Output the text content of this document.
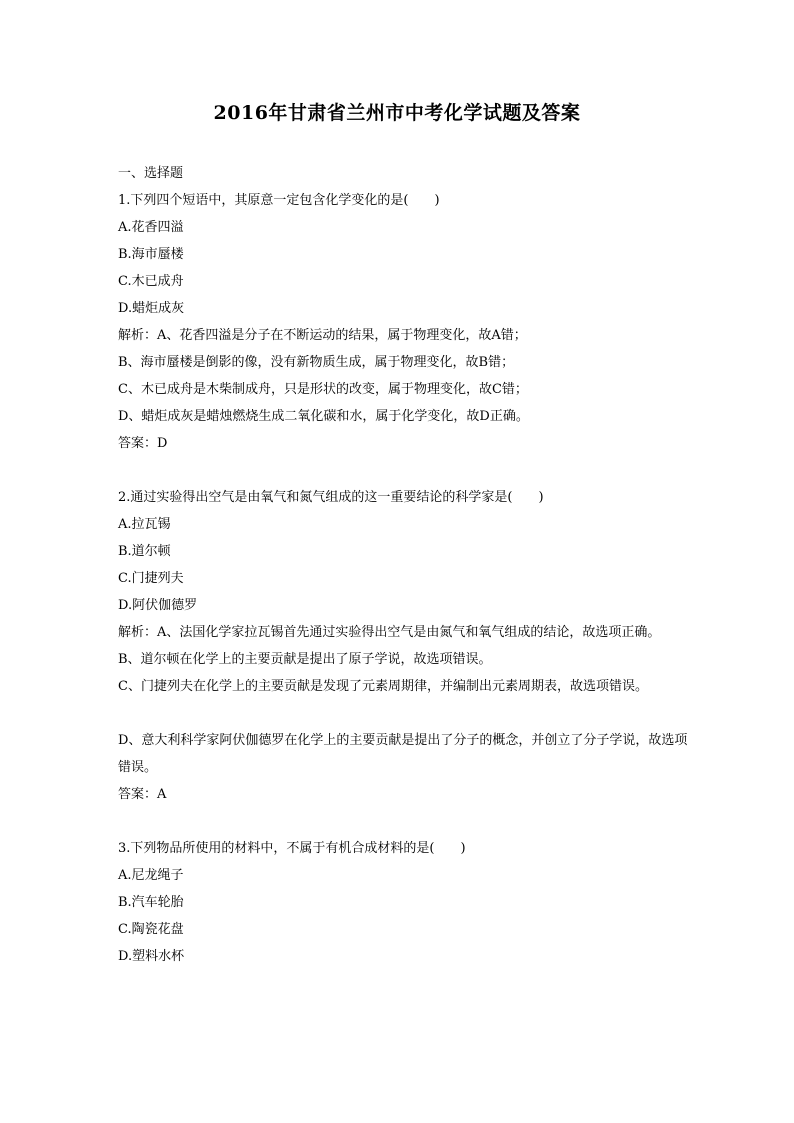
2016年甘肃省兰州市中考化学试题及答案
一、选择题
1.下列四个短语中，其原意一定包含化学变化的是(　　)
A.花香四溢
B.海市蜃楼
C.木已成舟
D.蜡炬成灰
解析：A、花香四溢是分子在不断运动的结果，属于物理变化，故A错；
B、海市蜃楼是倒影的像，没有新物质生成，属于物理变化，故B错；
C、木已成舟是木柴制成舟，只是形状的改变，属于物理变化，故C错；
D、蜡炬成灰是蜡烛燃烧生成二氧化碳和水，属于化学变化，故D正确。
答案：D
2.通过实验得出空气是由氧气和氮气组成的这一重要结论的科学家是(　　)
A.拉瓦锡
B.道尔顿
C.门捷列夫
D.阿伏伽德罗
解析：A、法国化学家拉瓦锡首先通过实验得出空气是由氮气和氧气组成的结论，故选项正确。
B、道尔顿在化学上的主要贡献是提出了原子学说，故选项错误。
C、门捷列夫在化学上的主要贡献是发现了元素周期律，并编制出元素周期表，故选项错误。
D、意大利科学家阿伏伽德罗在化学上的主要贡献是提出了分子的概念，并创立了分子学说，故选项错误。
答案：A
3.下列物品所使用的材料中，不属于有机合成材料的是(　　)
A.尼龙绳子
B.汽车轮胎
C.陶瓷花盘
D.塑料水杯
